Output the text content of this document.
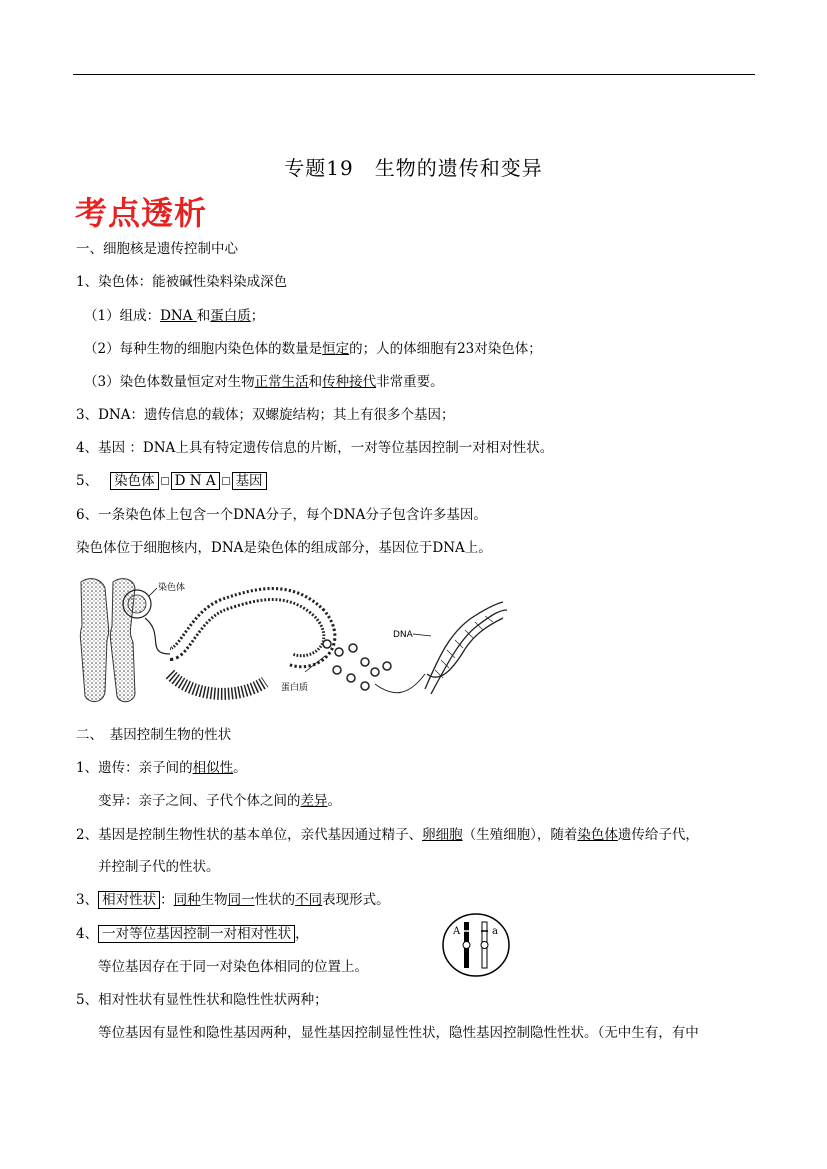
专题19　生物的遗传和变异
考点透析
一、细胞核是遗传控制中心
1、染色体：能被碱性染料染成深色
（1）组成：DNA 和蛋白质；
（2）每种生物的细胞内染色体的数量是恒定的；人的体细胞有23对染色体；
（3）染色体数量恒定对生物正常生活和传种接代非常重要。
3、DNA：遗传信息的载体；双螺旋结构；其上有很多个基因；
4、基因 ：DNA上具有特定遗传信息的片断，一对等位基因控制一对相对性状。
5、 染色体 D N A 基因
6、一条染色体上包含一个DNA分子，每个DNA分子包含许多基因。
染色体位于细胞核内，DNA是染色体的组成部分，基因位于DNA上。
染色体
DNA
蛋白质
二、　基因控制生物的性状
1、遗传：亲子间的相似性。
变异：亲子之间、子代个体之间的差异。
2、基因是控制生物性状的基本单位，亲代基因通过精子、卵细胞（生殖细胞），随着染色体遗传给子代，
并控制子代的性状。
3、 相对性状 ：同种生物同一性状的不同表现形式。
4、 一对等位基因控制一对相对性状 ，
等位基因存在于同一对染色体相同的位置上。
A	a
5、相对性状有显性性状和隐性性状两种；
等位基因有显性和隐性基因两种，显性基因控制显性性状，隐性基因控制隐性性状。（无中生有，有中
